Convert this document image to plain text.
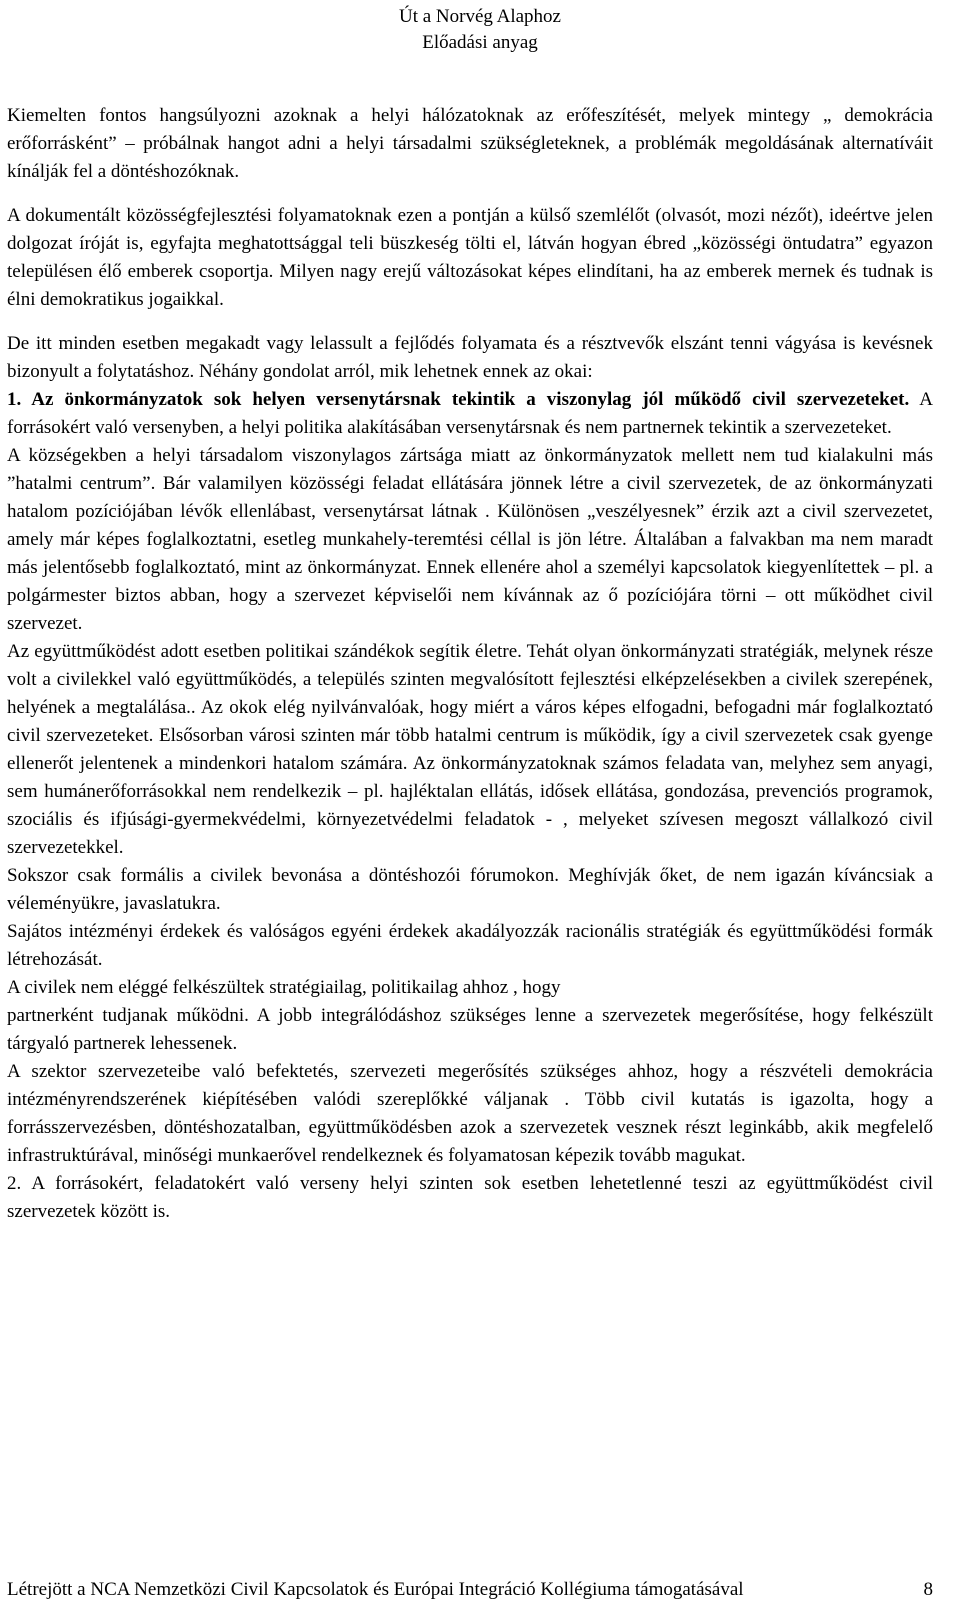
Út a Norvég Alaphoz
Előadási anyag

Kiemelten fontos hangsúlyozni azoknak a helyi hálózatoknak az erőfeszítését, melyek mintegy „ demokrácia erőforrásként” – próbálnak hangot adni a helyi társadalmi szükségleteknek, a problémák megoldásának alternatíváit kínálják fel a döntéshozóknak.

A dokumentált közösségfejlesztési folyamatoknak ezen a pontján a külső szemlélőt (olvasót, mozi nézőt), ideértve jelen dolgozat íróját is, egyfajta meghatottsággal teli büszkeség tölti el, látván hogyan ébred „közösségi öntudatra” egyazon településen élő emberek csoportja. Milyen nagy erejű változásokat képes elindítani, ha az emberek mernek és tudnak is élni demokratikus jogaikkal.

De itt minden esetben megakadt vagy lelassult a fejlődés folyamata és a résztvevők elszánt tenni vágyása is kevésnek bizonyult a folytatáshoz. Néhány gondolat arról, mik lehetnek ennek az okai:

1. Az önkormányzatok sok helyen versenytársnak tekintik a viszonylag jól működő civil szervezeteket. A forrásokért való versenyben, a helyi politika alakításában versenytársnak és nem partnernek tekintik a szervezeteket.

A községekben a helyi társadalom viszonylagos zártsága miatt az önkormányzatok mellett nem tud kialakulni más ”hatalmi centrum”. Bár valamilyen közösségi feladat ellátására jönnek létre a civil szervezetek, de az önkormányzati hatalom pozíciójában lévők ellenlábast, versenytársat látnak . Különösen „veszélyesnek” érzik azt a civil szervezetet, amely már képes foglalkoztatni, esetleg munkahely-teremtési céllal is jön létre. Általában a falvakban ma nem maradt más jelentősebb foglalkoztató, mint az önkormányzat. Ennek ellenére ahol a személyi kapcsolatok kiegyenlítettek – pl. a polgármester biztos abban, hogy a szervezet képviselői nem kívánnak az ő pozíciójára törni – ott működhet civil szervezet.

Az együttműködést adott esetben politikai szándékok segítik életre. Tehát olyan önkormányzati stratégiák, melynek része volt a civilekkel való együttműködés, a település szinten megvalósított fejlesztési elképzelésekben a civilek szerepének, helyének a megtalálása.. Az okok elég nyilvánvalóak, hogy miért a város képes elfogadni, befogadni már foglalkoztató civil szervezeteket. Elsősorban városi szinten már több hatalmi centrum is működik, így a civil szervezetek csak gyenge ellenerőt jelentenek a mindenkori hatalom számára. Az önkormányzatoknak számos feladata van, melyhez sem anyagi, sem humánerőforrásokkal nem rendelkezik – pl. hajléktalan ellátás, idősek ellátása, gondozása, prevenciós programok, szociális és ifjúsági-gyermekvédelmi, környezetvédelmi feladatok - , melyeket szívesen megoszt vállalkozó civil szervezetekkel.

Sokszor csak formális a civilek bevonása a döntéshozói fórumokon. Meghívják őket, de nem igazán kíváncsiak a véleményükre, javaslatukra.

Sajátos intézményi érdekek és valóságos egyéni érdekek akadályozzák racionális stratégiák és együttműködési formák létrehozását.

A civilek nem eléggé felkészültek stratégiailag, politikailag ahhoz , hogy

partnerként tudjanak működni. A jobb integrálódáshoz szükséges lenne a szervezetek megerősítése, hogy felkészült tárgyaló partnerek lehessenek.

A szektor szervezeteibe való befektetés, szervezeti megerősítés szükséges ahhoz, hogy a részvételi demokrácia intézményrendszerének kiépítésében valódi szereplőkké váljanak . Több civil kutatás is igazolta, hogy a forrásszervezésben, döntéshozatalban, együttműködésben azok a szervezetek vesznek részt leginkább, akik megfelelő infrastruktúrával, minőségi munkaerővel rendelkeznek és folyamatosan képezik tovább magukat.

2. A forrásokért, feladatokért való verseny helyi szinten sok esetben lehetetlenné teszi az együttműködést civil szervezetek között is.

Létrejött a NCA Nemzetközi Civil Kapcsolatok és Európai Integráció Kollégiuma támogatásával	8
